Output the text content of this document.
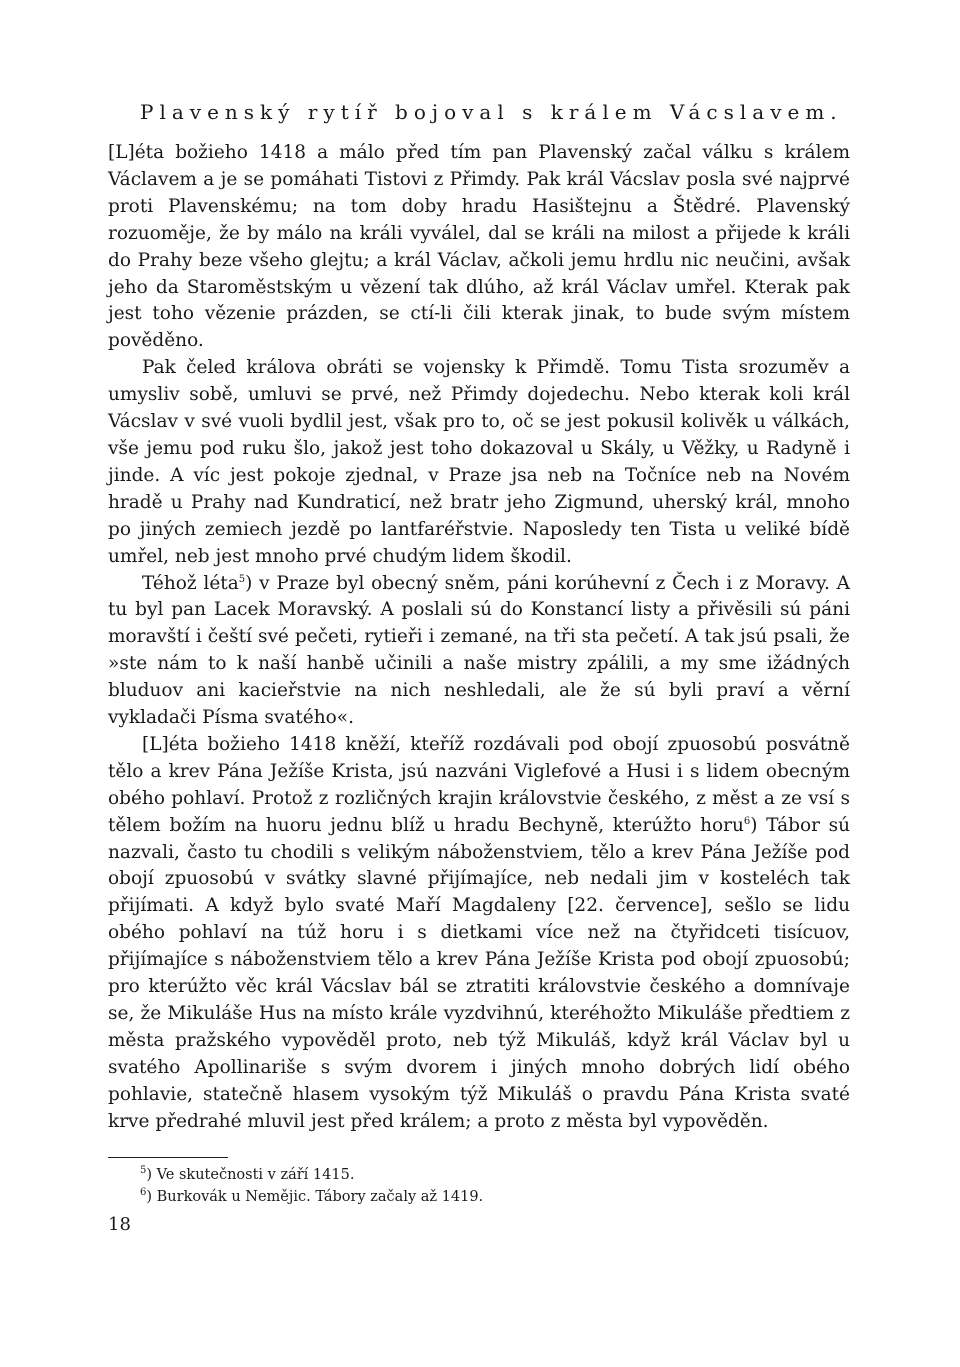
Plavenský rytíř bojoval s králem Vácslavem.

[L]éta božieho 1418 a málo před tím pan Plavenský začal válku s králem Václavem a je se pomáhati Tistovi z Přimdy. Pak král Vácslav posla své najprvé proti Plavenskému; na tom doby hradu Hasištejnu a Štědré. Plavenský rozuoměje, že by málo na králi vyválel, dal se králi na milost a přijede k králi do Prahy beze všeho glejtu; a král Václav, ačkoli jemu hrdlu nic neučini, avšak jeho da Staroměstským u vězení tak dlúho, až král Václav umřel. Kterak pak jest toho vězenie prázden, se ctí-li čili kterak jinak, to bude svým místem pověděno.

Pak čeled králova obráti se vojensky k Přimdě. Tomu Tista srozuměv a umysliv sobě, umluvi se prvé, než Přimdy dojedechu. Nebo kterak koli král Vácslav v své vuoli bydlil jest, však pro to, oč se jest pokusil kolivěk u válkách, vše jemu pod ruku šlo, jakož jest toho dokazoval u Skály, u Věžky, u Radyně i jinde. A víc jest pokoje zjednal, v Praze jsa neb na Točníce neb na Novém hradě u Prahy nad Kundraticí, než bratr jeho Zigmund, uherský král, mnoho po jiných zemiech jezdě po lantfaréřstvie. Naposledy ten Tista u veliké bídě umřel, neb jest mnoho prvé chudým lidem škodil.

Téhož léta$^5$) v Praze byl obecný sněm, páni korúhevní z Čech i z Moravy. A tu byl pan Lacek Moravský. A poslali sú do Konstancí listy a přivěsili sú páni moravští i čeští své pečeti, rytieři i zemané, na tři sta pečetí. A tak jsú psali, že »ste nám to k naší hanbě učinili a naše mistry zpálili, a my sme ižádných bluduov ani kacieřstvie na nich neshledali, ale že sú byli praví a věrní vykladači Písma svatého«.

[L]éta božieho 1418 kněží, kteříž rozdávali pod obojí zpuosobú posvátně tělo a krev Pána Ježíše Krista, jsú nazváni Viglefové a Husi i s lidem obecným obého pohlaví. Protož z rozličných krajin královstvie českého, z měst a ze vsí s tělem božím na huoru jednu blíž u hradu Bechyně, kterúžto horu$^6$) Tábor sú nazvali, často tu chodili s velikým náboženstviem, tělo a krev Pána Ježíše pod obojí zpuosobú v svátky slavné přijímajíce, neb nedali jim v kosteléch tak přijímati. A když bylo svaté Maří Magdaleny [22. července], sešlo se lidu obého pohlaví na túž horu i s dietkami více než na čtyřidceti tisícuov, přijímajíce s náboženstviem tělo a krev Pána Ježíše Krista pod obojí zpuosobú; pro kterúžto věc král Vácslav bál se ztratiti královstvie českého a domnívaje se, že Mikuláše Hus na místo krále vyzdvihnú, kteréhožto Mikuláše předtiem z města pražského vypověděl proto, neb týž Mikuláš, když král Václav byl u svatého Apollinariše s svým dvorem i jiných mnoho dobrých lidí obého pohlavie, statečně hlasem vysokým týž Mikuláš o pravdu Pána Krista svaté krve předrahé mluvil jest před králem; a proto z města byl vypověděn.

$^5$) Ve skutečnosti v září 1415.
$^6$) Burkovák u Nemějic. Tábory začaly až 1419.
18
